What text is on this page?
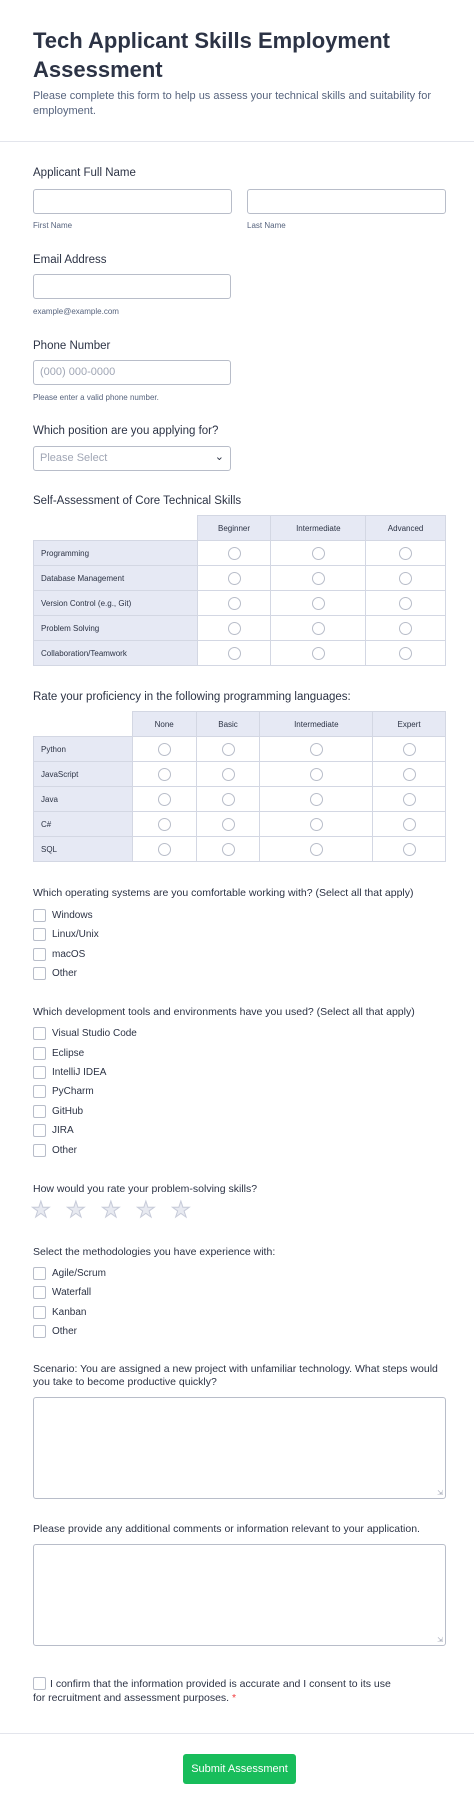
Tech Applicant Skills Employment Assessment
Please complete this form to help us assess your technical skills and suitability for employment.
Applicant Full Name
First Name	Last Name
Email Address
example@example.com
Phone Number
(000) 000-0000
Please enter a valid phone number.
Which position are you applying for?
Please Select	⌄
Self-Assessment of Core Technical Skills
	Beginner	Intermediate	Advanced
Programming			
Database Management			
Version Control (e.g., Git)			
Problem Solving			
Collaboration/Teamwork			
Rate your proficiency in the following programming languages:
	None	Basic	Intermediate	Expert
Python				
JavaScript				
Java				
C#				
SQL				
Which operating systems are you comfortable working with? (Select all that apply)
Windows
Linux/Unix
macOS
Other
Which development tools and environments have you used? (Select all that apply)
Visual Studio Code
Eclipse
IntelliJ IDEA
PyCharm
GitHub
JIRA
Other
How would you rate your problem-solving skills?
★ ★ ★ ★ ★
Select the methodologies you have experience with:
Agile/Scrum
Waterfall
Kanban
Other
Scenario: You are assigned a new project with unfamiliar technology. What steps would you take to become productive quickly?
⇲
Please provide any additional comments or information relevant to your application.
⇲
I confirm that the information provided is accurate and I consent to its use for recruitment and assessment purposes. *
Submit Assessment
